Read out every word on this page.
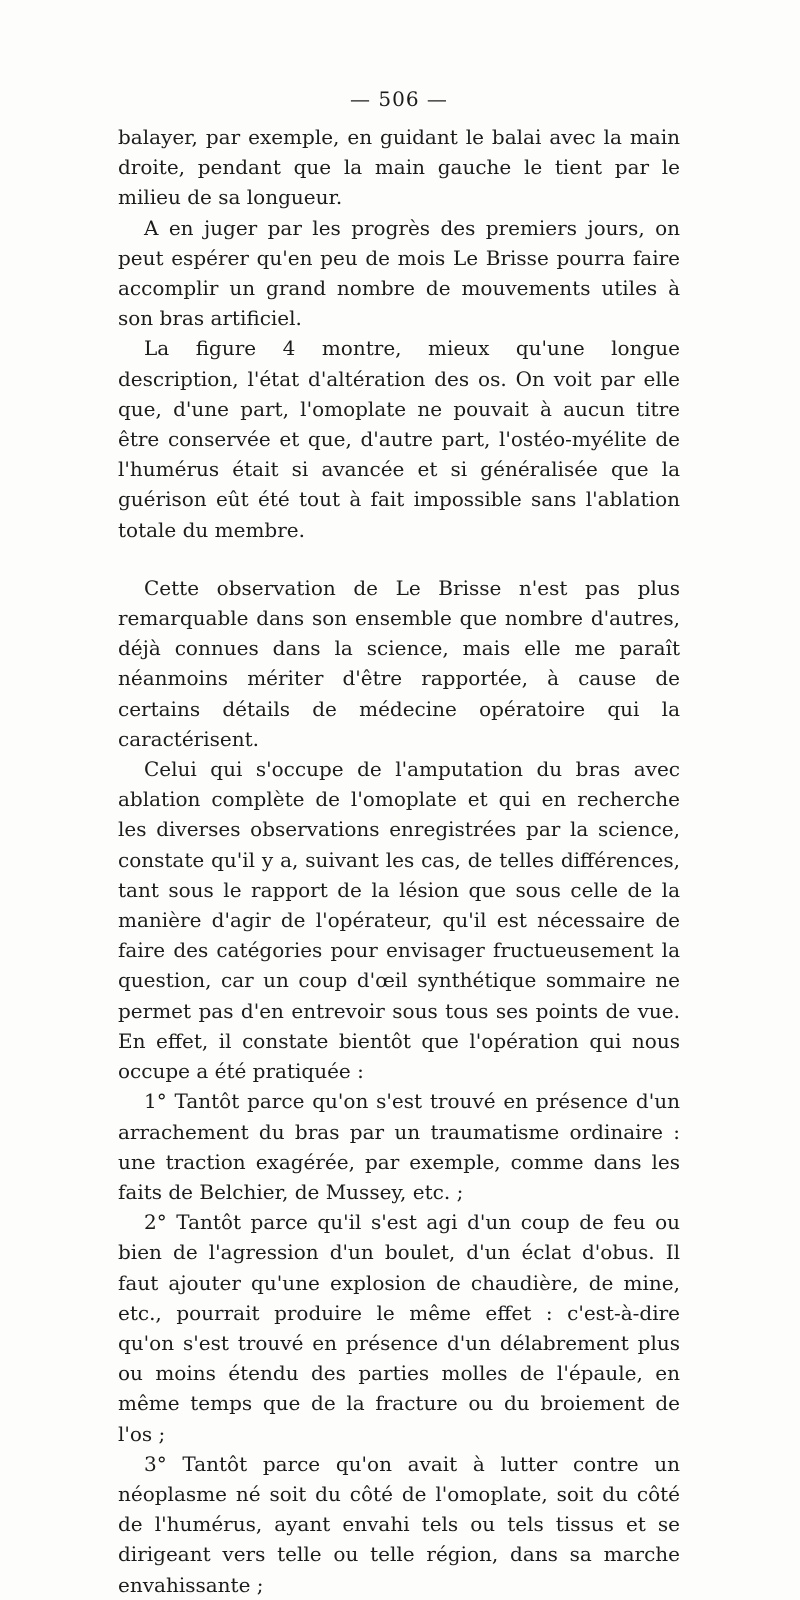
— 506 —

balayer, par exemple, en guidant le balai avec la main droite, pendant que la main gauche le tient par le milieu de sa longueur.

A en juger par les progrès des premiers jours, on peut espérer qu'en peu de mois Le Brisse pourra faire accomplir un grand nombre de mouvements utiles à son bras artificiel.

La figure 4 montre, mieux qu'une longue description, l'état d'altération des os. On voit par elle que, d'une part, l'omoplate ne pouvait à aucun titre être conservée et que, d'autre part, l'ostéo-myélite de l'humérus était si avancée et si généralisée que la guérison eût été tout à fait impossible sans l'ablation totale du membre.

Cette observation de Le Brisse n'est pas plus remarquable dans son ensemble que nombre d'autres, déjà connues dans la science, mais elle me paraît néanmoins mériter d'être rapportée, à cause de certains détails de médecine opératoire qui la caractérisent.

Celui qui s'occupe de l'amputation du bras avec ablation complète de l'omoplate et qui en recherche les diverses observations enregistrées par la science, constate qu'il y a, suivant les cas, de telles différences, tant sous le rapport de la lésion que sous celle de la manière d'agir de l'opérateur, qu'il est nécessaire de faire des catégories pour envisager fructueusement la question, car un coup d'œil synthétique sommaire ne permet pas d'en entrevoir sous tous ses points de vue. En effet, il constate bientôt que l'opération qui nous occupe a été pratiquée :

1° Tantôt parce qu'on s'est trouvé en présence d'un arrachement du bras par un traumatisme ordinaire : une traction exagérée, par exemple, comme dans les faits de Belchier, de Mussey, etc. ;

2° Tantôt parce qu'il s'est agi d'un coup de feu ou bien de l'agression d'un boulet, d'un éclat d'obus. Il faut ajouter qu'une explosion de chaudière, de mine, etc., pourrait produire le même effet : c'est-à-dire qu'on s'est trouvé en présence d'un délabrement plus ou moins étendu des parties molles de l'épaule, en même temps que de la fracture ou du broiement de l'os ;

3° Tantôt parce qu'on avait à lutter contre un néoplasme né soit du côté de l'omoplate, soit du côté de l'humérus, ayant envahi tels ou tels tissus et se dirigeant vers telle ou telle région, dans sa marche envahissante ;
